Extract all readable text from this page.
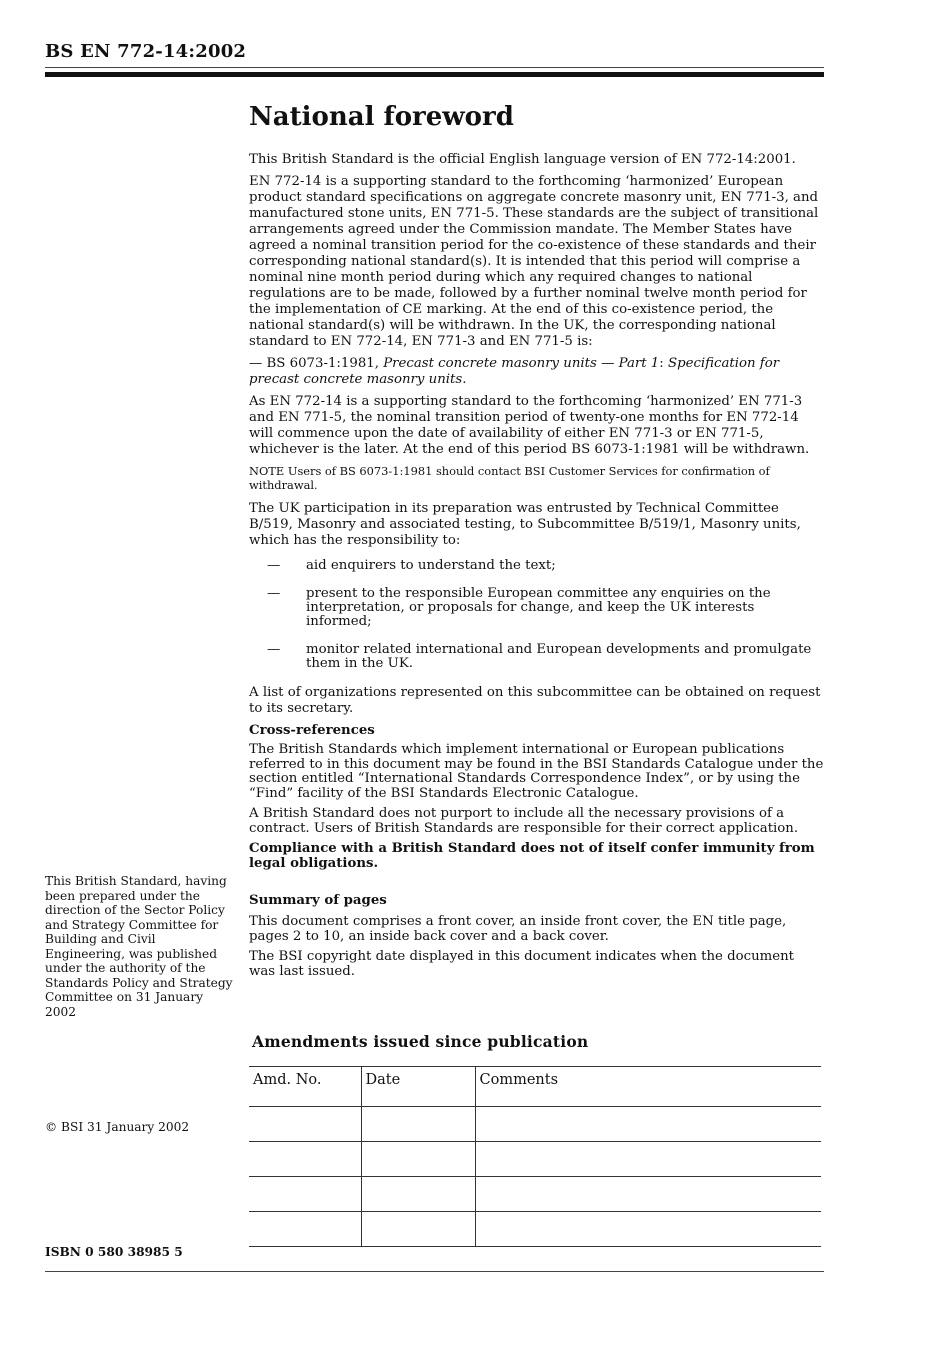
BS EN 772-14:2002
National foreword

This British Standard is the official English language version of EN 772-14:2001.

EN 772-14 is a supporting standard to the forthcoming ‘harmonized’ European product standard specifications on aggregate concrete masonry unit, EN 771-3, and manufactured stone units, EN 771-5. These standards are the subject of transitional arrangements agreed under the Commission mandate. The Member States have agreed a nominal transition period for the co-existence of these standards and their corresponding national standard(s). It is intended that this period will comprise a nominal nine month period during which any required changes to national regulations are to be made, followed by a further nominal twelve month period for the implementation of CE marking. At the end of this co-existence period, the national standard(s) will be withdrawn. In the UK, the corresponding national standard to EN 772-14, EN 771-3 and EN 771-5 is:

— BS 6073-1:1981, Precast concrete masonry units — Part 1: Specification for precast concrete masonry units.

As EN 772-14 is a supporting standard to the forthcoming ‘harmonized’ EN 771-3 and EN 771-5, the nominal transition period of twenty-one months for EN 772-14 will commence upon the date of availability of either EN 771-3 or EN 771-5, whichever is the later. At the end of this period BS 6073-1:1981 will be withdrawn.

NOTE Users of BS 6073-1:1981 should contact BSI Customer Services for confirmation of withdrawal.

The UK participation in its preparation was entrusted by Technical Committee B/519, Masonry and associated testing, to Subcommittee B/519/1, Masonry units, which has the responsibility to:

— aid enquirers to understand the text;
— present to the responsible European committee any enquiries on the interpretation, or proposals for change, and keep the UK interests informed;
— monitor related international and European developments and promulgate them in the UK.

A list of organizations represented on this subcommittee can be obtained on request to its secretary.

Cross-references

The British Standards which implement international or European publications referred to in this document may be found in the BSI Standards Catalogue under the section entitled “International Standards Correspondence Index”, or by using the “Find” facility of the BSI Standards Electronic Catalogue.

A British Standard does not purport to include all the necessary provisions of a contract. Users of British Standards are responsible for their correct application.

Compliance with a British Standard does not of itself confer immunity from legal obligations.

This British Standard, having been prepared under the direction of the Sector Policy and Strategy Committee for Building and Civil Engineering, was published under the authority of the Standards Policy and Strategy Committee on 31 January 2002
© BSI 31 January 2002
ISBN 0 580 38985 5

Summary of pages

This document comprises a front cover, an inside front cover, the EN title page, pages 2 to 10, an inside back cover and a back cover.

The BSI copyright date displayed in this document indicates when the document was last issued.

Amendments issued since publication
Amd. No.	Date	Comments
